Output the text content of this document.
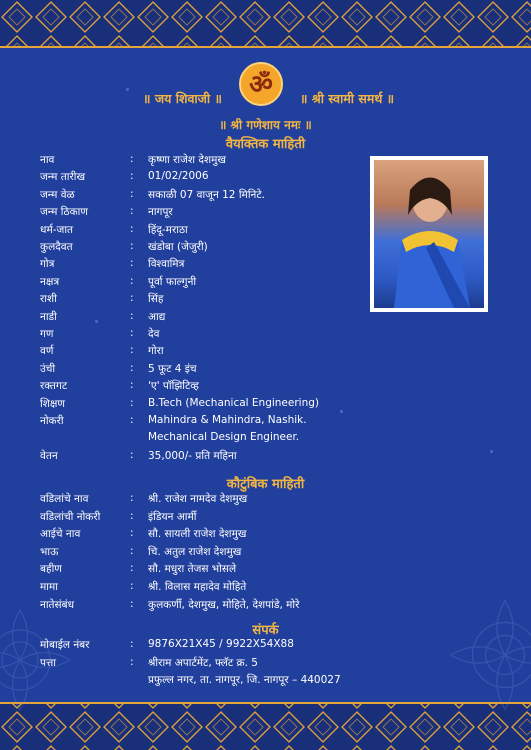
॥ जय शिवाजी ॥	ॐ	॥ श्री स्वामी समर्थ ॥
॥ श्री गणेशाय नमः ॥
वैयक्तिक माहिती
नाव	: कृष्णा राजेश देशमुख
जन्म तारीख	: 01/02/2006
जन्म वेळ	: सकाळी 07 वाजून 12 मिनिटे.
जन्म ठिकाण	: नागपूर
धर्म-जात	: हिंदू-मराठा
कुलदैवत	: खंडोबा (जेजुरी)
गोत्र	: विश्वामित्र
नक्षत्र	: पूर्वा फाल्गुनी
राशी	: सिंह
नाडी	: आद्य
गण	: देव
वर्ण	: गोरा
उंची	: 5 फूट 4 इंच
रक्तगट	: 'ए' पॉझिटिव्ह
शिक्षण	: B.Tech (Mechanical Engineering)
नोकरी	: Mahindra & Mahindra, Nashik.
Mechanical Design Engineer.
वेतन	: 35,000/- प्रति महिना
कौटुंबिक माहिती
वडिलांचे नाव	: श्री. राजेश नामदेव देशमुख
वडिलांची नोकरी	: इंडियन आर्मी
आईचे नाव	: सौ. सायली राजेश देशमुख
भाऊ	: चि. अतुल राजेश देशमुख
बहीण	: सौ. मधुरा तेजस भोसले
मामा	: श्री. विलास महादेव मोहिते
नातेसंबंध	: कुलकर्णी, देशमुख, मोहिते, देशपांडे, मोरे
संपर्क
मोबाईल नंबर	: 9876X21X45 / 9922X54X88
पत्ता	: श्रीराम अपार्टमेंट, फ्लॅट क्र. 5
प्रफुल्ल नगर, ता. नागपूर, जि. नागपूर – 440027
